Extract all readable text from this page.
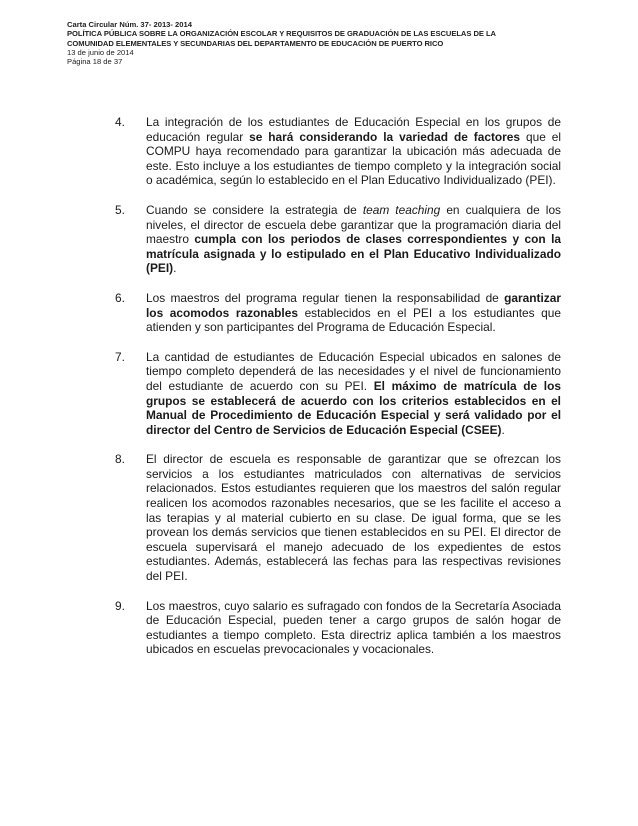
Carta Circular Núm. 37- 2013- 2014
POLÍTICA PÚBLICA SOBRE LA ORGANIZACIÓN ESCOLAR Y REQUISITOS DE GRADUACIÓN DE LAS ESCUELAS DE LA
COMUNIDAD ELEMENTALES Y SECUNDARIAS DEL DEPARTAMENTO DE EDUCACIÓN DE PUERTO RICO
13 de junio de 2014
Página 18 de 37
4 . La integración de los estudiantes de Educación Especial en los grupos de educación regular se hará considerando la variedad de factores que el COMPU haya recomendado para garantizar la ubicación más adecuada de este. Esto incluye a los estudiantes de tiempo completo y la integración social o académica, según lo establecido en el Plan Educativo Individualizado (PEI).
5 . Cuando se considere la estrategia de team teaching en cualquiera de los niveles, el director de escuela debe garantizar que la programación diaria del maestro cumpla con los periodos de clases correspondientes y con la matrícula asignada y lo estipulado en el Plan Educativo Individualizado (PEI).
6 . Los maestros del programa regular tienen la responsabilidad de garantizar los acomodos razonables establecidos en el PEI a los estudiantes que atienden y son participantes del Programa de Educación Especial.
7 . La cantidad de estudiantes de Educación Especial ubicados en salones de tiempo completo dependerá de las necesidades y el nivel de funcionamiento del estudiante de acuerdo con su PEI. El máximo de matrícula de los grupos se establecerá de acuerdo con los criterios establecidos en el Manual de Procedimiento de Educación Especial y será validado por el director del Centro de Servicios de Educación Especial (CSEE).
8 . El director de escuela es responsable de garantizar que se ofrezcan los servicios a los estudiantes matriculados con alternativas de servicios relacionados. Estos estudiantes requieren que los maestros del salón regular realicen los acomodos razonables necesarios, que se les facilite el acceso a las terapias y al material cubierto en su clase. De igual forma, que se les provean los demás servicios que tienen establecidos en su PEI. El director de escuela supervisará el manejo adecuado de los expedientes de estos estudiantes. Además, establecerá las fechas para las respectivas revisiones del PEI.
9 . Los maestros, cuyo salario es sufragado con fondos de la Secretaría Asociada de Educación Especial, pueden tener a cargo grupos de salón hogar de estudiantes a tiempo completo. Esta directriz aplica también a los maestros ubicados en escuelas prevocacionales y vocacionales.
